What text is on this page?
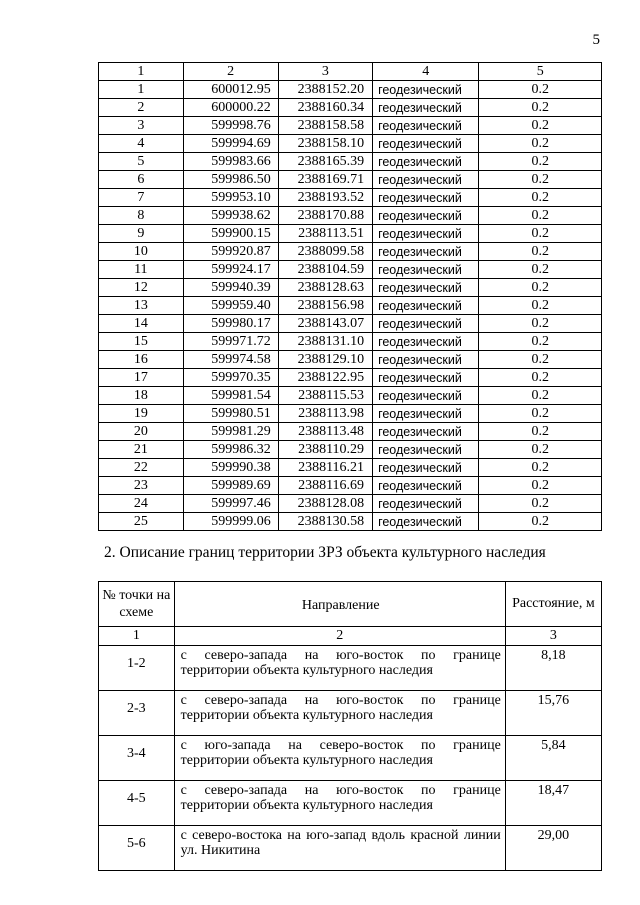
5
1	2	3	4	5
1	600012.95	2388152.20	геодезический	0.2
2	600000.22	2388160.34	геодезический	0.2
3	599998.76	2388158.58	геодезический	0.2
4	599994.69	2388158.10	геодезический	0.2
5	599983.66	2388165.39	геодезический	0.2
6	599986.50	2388169.71	геодезический	0.2
7	599953.10	2388193.52	геодезический	0.2
8	599938.62	2388170.88	геодезический	0.2
9	599900.15	2388113.51	геодезический	0.2
10	599920.87	2388099.58	геодезический	0.2
11	599924.17	2388104.59	геодезический	0.2
12	599940.39	2388128.63	геодезический	0.2
13	599959.40	2388156.98	геодезический	0.2
14	599980.17	2388143.07	геодезический	0.2
15	599971.72	2388131.10	геодезический	0.2
16	599974.58	2388129.10	геодезический	0.2
17	599970.35	2388122.95	геодезический	0.2
18	599981.54	2388115.53	геодезический	0.2
19	599980.51	2388113.98	геодезический	0.2
20	599981.29	2388113.48	геодезический	0.2
21	599986.32	2388110.29	геодезический	0.2
22	599990.38	2388116.21	геодезический	0.2
23	599989.69	2388116.69	геодезический	0.2
24	599997.46	2388128.08	геодезический	0.2
25	599999.06	2388130.58	геодезический	0.2
2. Описание границ территории ЗРЗ объекта культурного наследия
№ точки на схеме	Направление	Расстояние, м
1	2	3
1-2	с северо-запада на юго-восток по границе территории объекта культурного наследия	8,18
2-3	с северо-запада на юго-восток по границе территории объекта культурного наследия	15,76
3-4	с юго-запада на северо-восток по границе территории объекта культурного наследия	5,84
4-5	с северо-запада на юго-восток по границе территории объекта культурного наследия	18,47
5-6	с северо-востока на юго-запад вдоль красной линии ул. Никитина	29,00
